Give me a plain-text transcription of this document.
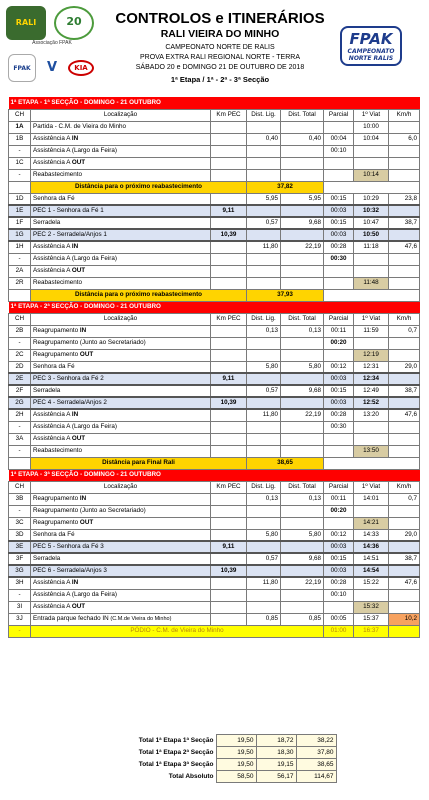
RALI	20
Associação FPAK
FPAK	V	KIA
FPAK
CAMPEONATO
NORTE RALIS
CONTROLOS e ITINERÁRIOS
RALI VIEIRA DO MINHO
CAMPEONATO NORTE DE RALIS
PROVA EXTRA RALI REGIONAL NORTE - TERRA
SÁBADO 20 e DOMINGO 21 DE OUTUBRO DE 2018
1ª Etapa / 1ª - 2ª - 3ª Secção
1ª ETAPA - 1ª SECÇÃO - DOMINGO - 21 OUTUBRO							
CH	Localização	Km PEC	Dist. Lig.	Dist. Total	Parcial	1º Viat	Km/h
1A	Partida - C.M. de Vieira do Minho					10:00	
1B	Assistência A IN		0,40	0,40	00:04	10:04	6,0
-	Assistência A (Largo da Feira)				00:10		
1C	Assistência A OUT						
-	Reabastecimento					10:14	
	Distância para o próximo reabastecimento		37,82				
1D	Senhora da Fé		5,95	5,95	00:15	10:29	23,8
1E	PEC 1 - Senhora da Fé 1	9,11			00:03	10:32	
1F	Serradela		0,57	9,68	00:15	10:47	38,7
1G	PEC 2 - Serradela/Anjos 1	10,39			00:03	10:50	
1H	Assistência A IN		11,80	22,19	00:28	11:18	47,6
-	Assistência A (Largo da Feira)				00:30		
2A	Assistência A OUT						
2R	Reabastecimento					11:48	
	Distância para o próximo reabastecimento		37,93				
1ª ETAPA - 2ª SECÇÃO - DOMINGO - 21 OUTUBRO							
CH	Localização	Km PEC	Dist. Lig.	Dist. Total	Parcial	1º Viat	Km/h
2B	Reagrupamento IN		0,13	0,13	00:11	11:59	0,7
-	Reagrupamento (Junto ao Secretariado)				00:20		
2C	Reagrupamento OUT					12:19	
2D	Senhora da Fé		5,80	5,80	00:12	12:31	29,0
2E	PEC 3 - Senhora da Fé 2	9,11			00:03	12:34	
2F	Serradela		0,57	9,68	00:15	12:49	38,7
2G	PEC 4 - Serradela/Anjos 2	10,39			00:03	12:52	
2H	Assistência A IN		11,80	22,19	00:28	13:20	47,6
-	Assistência A (Largo da Feira)				00:30		
3A	Assistência A OUT						
-	Reabastecimento					13:50	
	Distância para Final Rali		38,65				
1ª ETAPA - 3ª SECÇÃO - DOMINGO - 21 OUTUBRO							
CH	Localização	Km PEC	Dist. Lig.	Dist. Total	Parcial	1º Viat	Km/h
3B	Reagrupamento IN		0,13	0,13	00:11	14:01	0,7
-	Reagrupamento (Junto ao Secretariado)				00:20		
3C	Reagrupamento OUT					14:21	
3D	Senhora da Fé		5,80	5,80	00:12	14:33	29,0
3E	PEC 5 - Senhora da Fé 3	9,11			00:03	14:36	
3F	Serradela		0,57	9,68	00:15	14:51	38,7
3G	PEC 6 - Serradela/Anjos 3	10,39			00:03	14:54	
3H	Assistência A IN		11,80	22,19	00:28	15:22	47,6
-	Assistência A (Largo da Feira)				00:10		
3I	Assistência A OUT					15:32	
3J	Entrada parque fechado IN (C.M.de Vieira do Minho)		0,85	0,85	00:05	15:37	10,2
-	PÓDIO - C.M. de Vieira do Minho				01:00	16:37	
Total 1ª Etapa 1ª Secção	19,50	18,72	38,22
Total 1ª Etapa 2ª Secção	19,50	18,30	37,80
Total 1ª Etapa 3ª Secção	19,50	19,15	38,65
Total Absoluto	58,50	56,17	114,67
